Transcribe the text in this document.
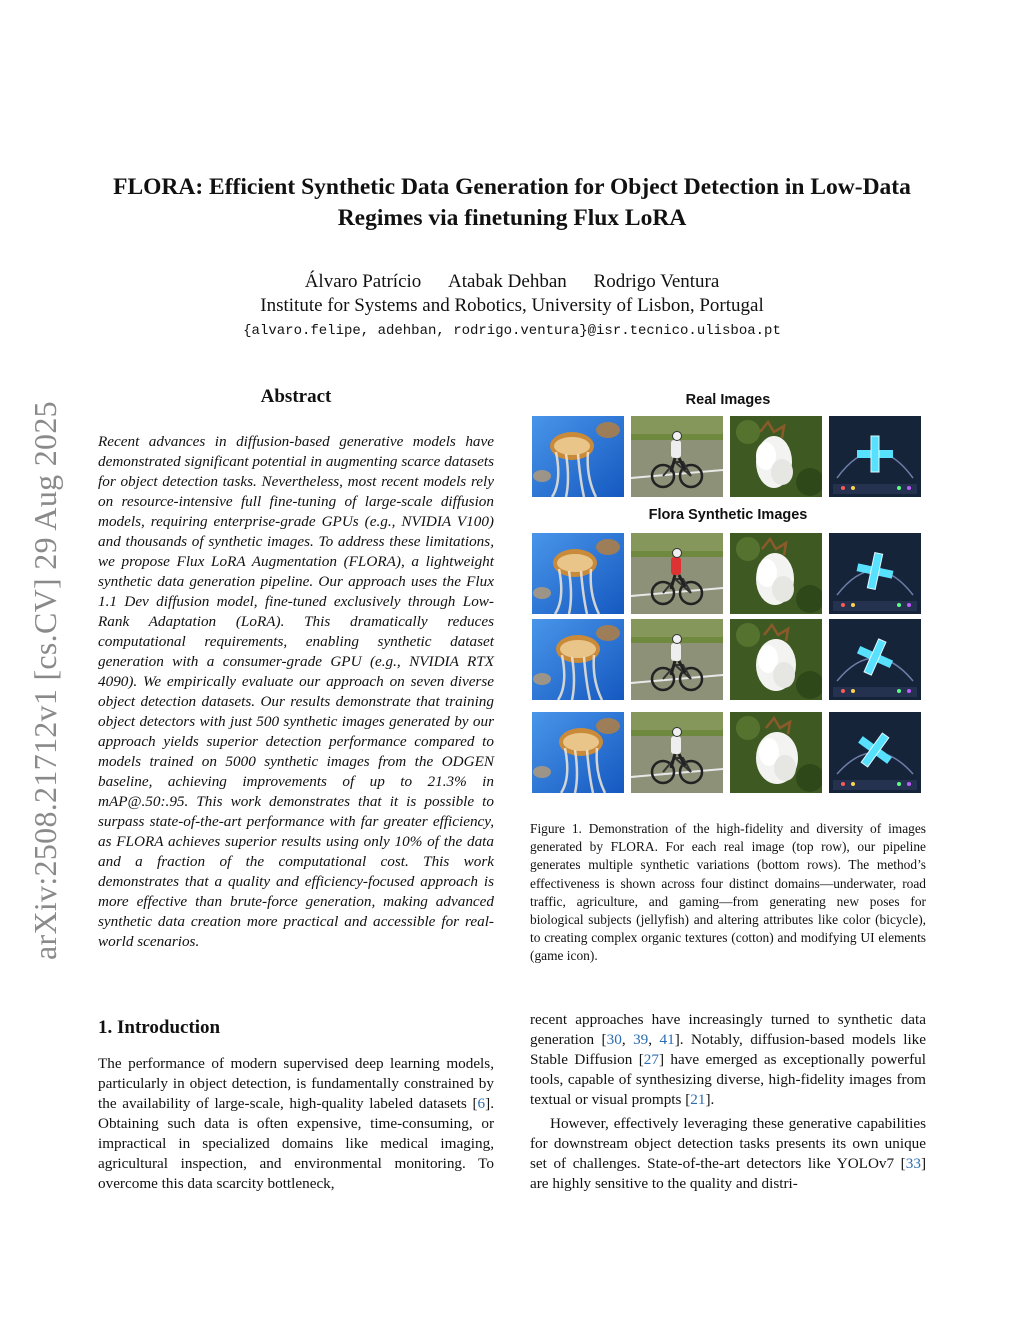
arXiv:2508.21712v1 [cs.CV] 29 Aug 2025
FLORA: Efficient Synthetic Data Generation for Object Detection in Low-Data Regimes via finetuning Flux LoRA
Álvaro Patrício Atabak Dehban Rodrigo Ventura
Institute for Systems and Robotics, University of Lisbon, Portugal
{alvaro.felipe, adehban, rodrigo.ventura}@isr.tecnico.ulisboa.pt
Abstract
Recent advances in diffusion-based generative models have demonstrated significant potential in augmenting scarce datasets for object detection tasks. Nevertheless, most recent models rely on resource-intensive full fine-tuning of large-scale diffusion models, requiring enterprise-grade GPUs (e.g., NVIDIA V100) and thousands of synthetic images. To address these limitations, we propose Flux LoRA Augmentation (FLORA), a lightweight synthetic data generation pipeline. Our approach uses the Flux 1.1 Dev diffusion model, fine-tuned exclusively through Low-Rank Adaptation (LoRA). This dramatically reduces computational requirements, enabling synthetic dataset generation with a consumer-grade GPU (e.g., NVIDIA RTX 4090). We empirically evaluate our approach on seven diverse object detection datasets. Our results demonstrate that training object detectors with just 500 synthetic images generated by our approach yields superior detection performance compared to models trained on 5000 synthetic images from the ODGEN baseline, achieving improvements of up to 21.3% in mAP@.50:.95. This work demonstrates that it is possible to surpass state-of-the-art performance with far greater efficiency, as FLORA achieves superior results using only 10% of the data and a fraction of the computational cost. This work demonstrates that a quality and efficiency-focused approach is more effective than brute-force generation, making advanced synthetic data creation more practical and accessible for real-world scenarios.
1. Introduction
The performance of modern supervised deep learning models, particularly in object detection, is fundamentally constrained by the availability of large-scale, high-quality labeled datasets [6]. Obtaining such data is often expensive, time-consuming, or impractical in specialized domains like medical imaging, agricultural inspection, and environmental monitoring. To overcome this data scarcity bottleneck,

recent approaches have increasingly turned to synthetic data generation [30, 39, 41]. Notably, diffusion-based models like Stable Diffusion [27] have emerged as exceptionally powerful tools, capable of synthesizing diverse, high-fidelity images from textual or visual prompts [21].

However, effectively leveraging these generative capabilities for downstream object detection tasks presents its own unique set of challenges. State-of-the-art detectors like YOLOv7 [33] are highly sensitive to the quality and distri-

Real Images
Flora Synthetic Images
Figure 1. Demonstration of the high-fidelity and diversity of images generated by FLORA. For each real image (top row), our pipeline generates multiple synthetic variations (bottom rows). The method’s effectiveness is shown across four distinct domains—underwater, road traffic, agriculture, and gaming—from generating new poses for biological subjects (jellyfish) and altering attributes like color (bicycle), to creating complex organic textures (cotton) and modifying UI elements (game icon).
